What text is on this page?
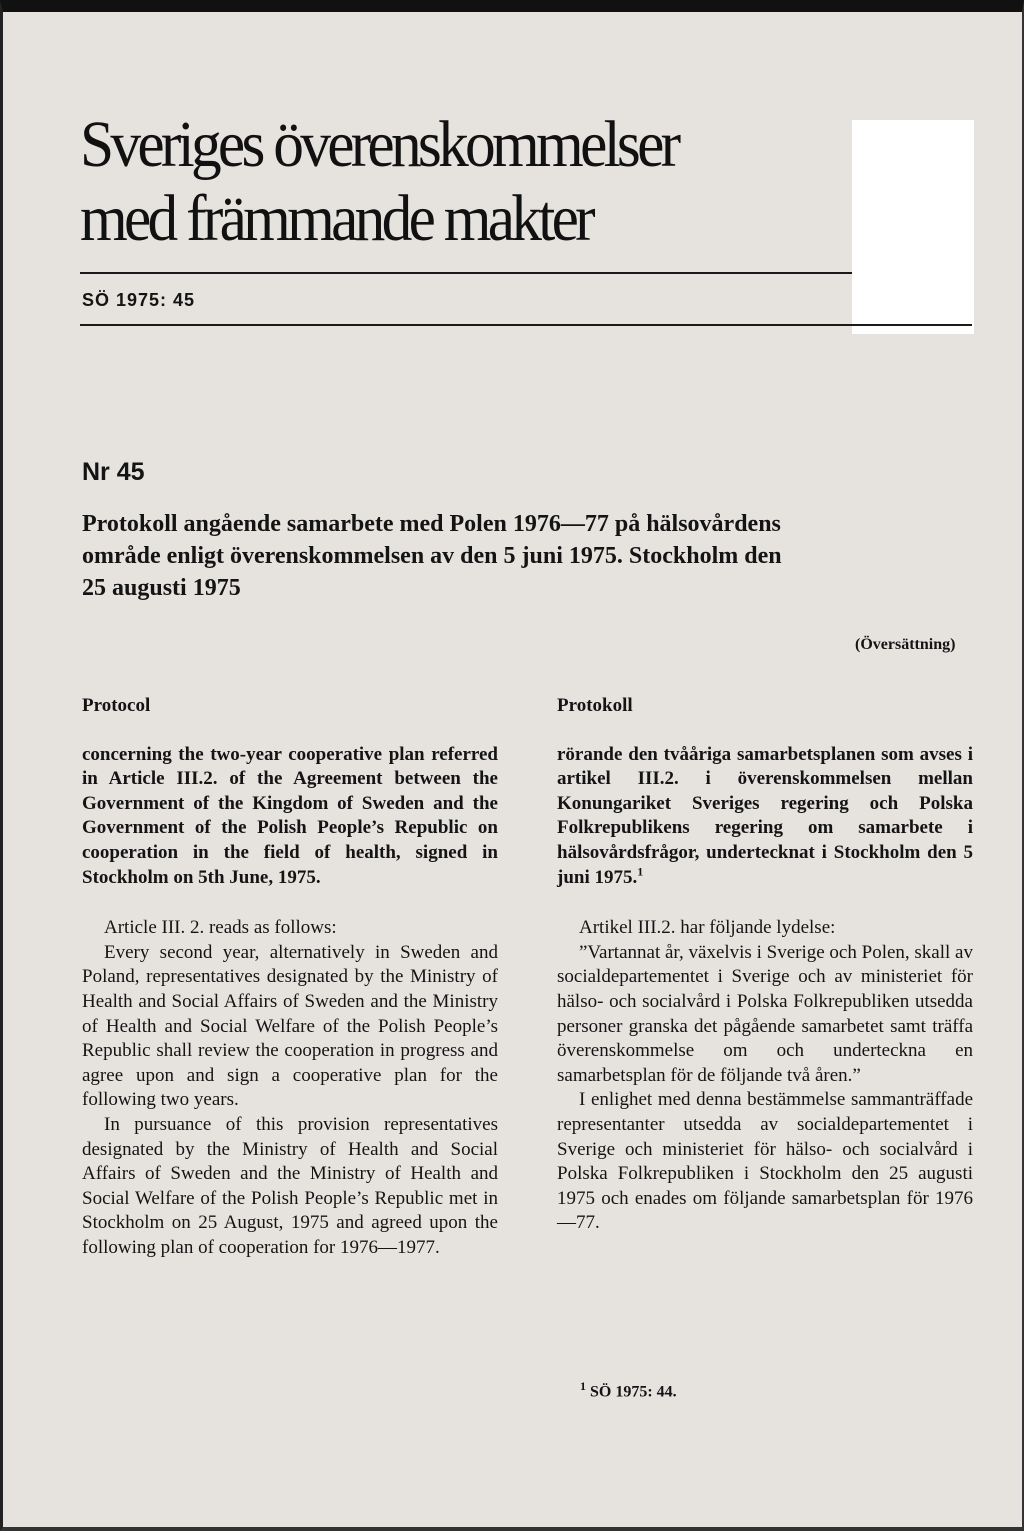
Sveriges överenskommelser
med främmande makter
SÖ 1975: 45
Nr 45
Protokoll angående samarbete med Polen 1976—77 på hälsovårdens område enligt överenskommelsen av den 5 juni 1975. Stockholm den 25 augusti 1975
(Översättning)
Protocol
concerning the two-year cooperative plan referred in Article III.2. of the Agreement between the Government of the Kingdom of Sweden and the Government of the Polish People’s Republic on cooperation in the field of health, signed in Stockholm on 5th June, 1975.

Article III. 2. reads as follows:

Every second year, alternatively in Sweden and Poland, representatives designated by the Ministry of Health and Social Affairs of Sweden and the Ministry of Health and Social Welfare of the Polish People’s Republic shall review the cooperation in progress and agree upon and sign a cooperative plan for the following two years.

In pursuance of this provision representatives designated by the Ministry of Health and Social Affairs of Sweden and the Ministry of Health and Social Welfare of the Polish People’s Republic met in Stockholm on 25 August, 1975 and agreed upon the following plan of cooperation for 1976—1977.

Protokoll
rörande den tvååriga samarbetsplanen som avses i artikel III.2. i överenskommelsen mellan Konungariket Sveriges regering och Polska Folkrepublikens regering om samarbete i hälsovårdsfrågor, undertecknat i Stockholm den 5 juni 1975.$^1$

Artikel III.2. har följande lydelse:

”Vartannat år, växelvis i Sverige och Polen, skall av socialdepartementet i Sverige och av ministeriet för hälso- och socialvård i Polska Folkrepubliken utsedda personer granska det pågående samarbetet samt träffa överenskommelse om och underteckna en samarbetsplan för de följande två åren.”

I enlighet med denna bestämmelse sammanträffade representanter utsedda av socialdepartementet i Sverige och ministeriet för hälso- och socialvård i Polska Folkrepubliken i Stockholm den 25 augusti 1975 och enades om följande samarbetsplan för 1976—77.

$^1$ SÖ 1975: 44.
